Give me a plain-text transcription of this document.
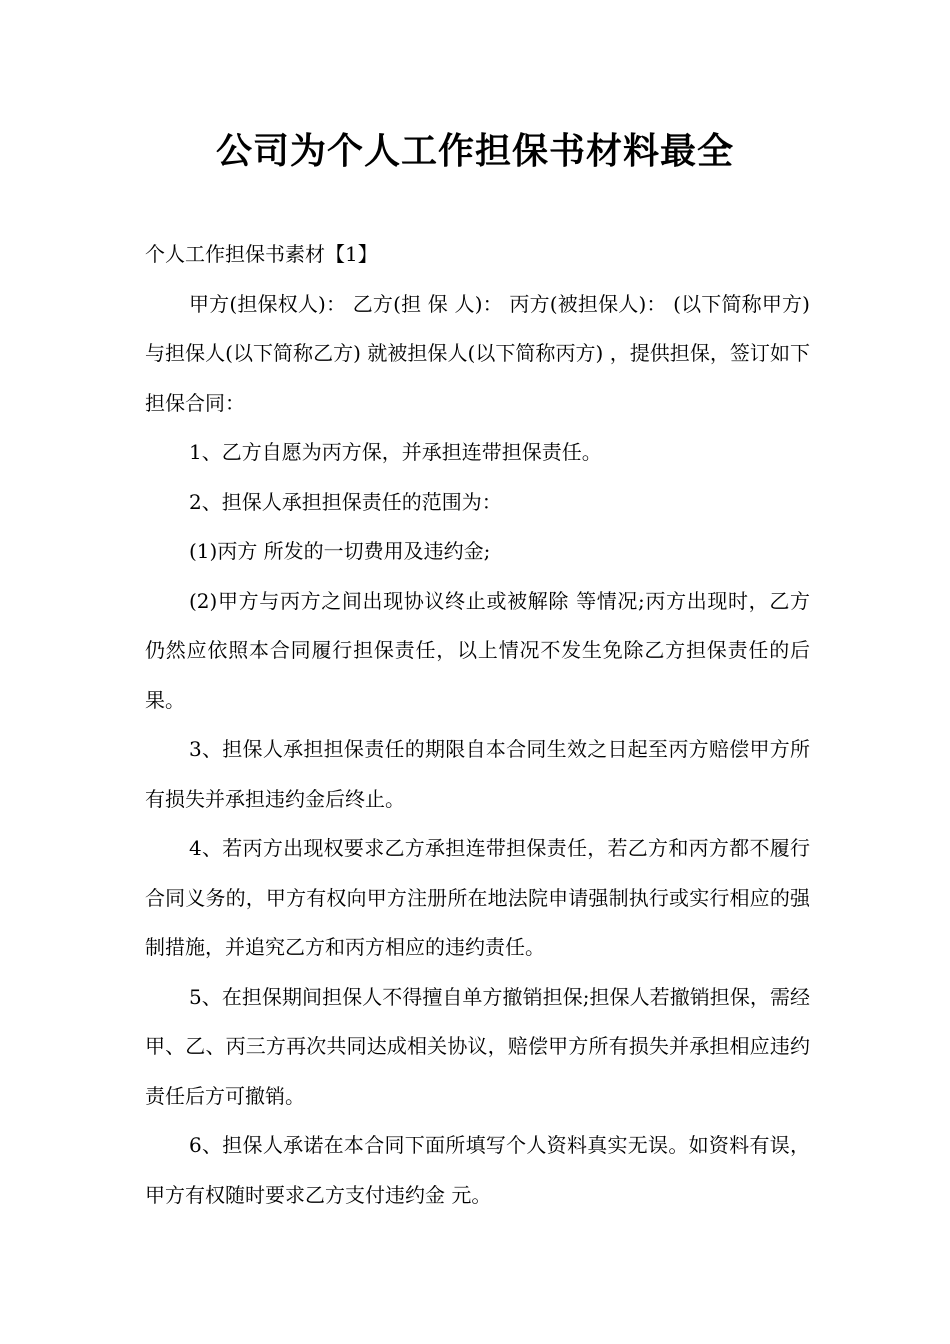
公司为个人工作担保书材料最全

个人工作担保书素材【1】

甲方(担保权人)： 乙方(担 保 人)： 丙方(被担保人)： (以下简称甲方)与担保人(以下简称乙方) 就被担保人(以下简称丙方) ，提供担保，签订如下担保合同：

1、乙方自愿为丙方保，并承担连带担保责任。

2、担保人承担担保责任的范围为：

(1)丙方 所发的一切费用及违约金;

(2)甲方与丙方之间出现协议终止或被解除 等情况;丙方出现时，乙方仍然应依照本合同履行担保责任，以上情况不发生免除乙方担保责任的后果。

3、担保人承担担保责任的期限自本合同生效之日起至丙方赔偿甲方所有损失并承担违约金后终止。

4、若丙方出现权要求乙方承担连带担保责任，若乙方和丙方都不履行合同义务的，甲方有权向甲方注册所在地法院申请强制执行或实行相应的强制措施，并追究乙方和丙方相应的违约责任。

5、在担保期间担保人不得擅自单方撤销担保;担保人若撤销担保，需经甲、乙、丙三方再次共同达成相关协议，赔偿甲方所有损失并承担相应违约责任后方可撤销。

6、担保人承诺在本合同下面所填写个人资料真实无误。如资料有误，甲方有权随时要求乙方支付违约金 元。
